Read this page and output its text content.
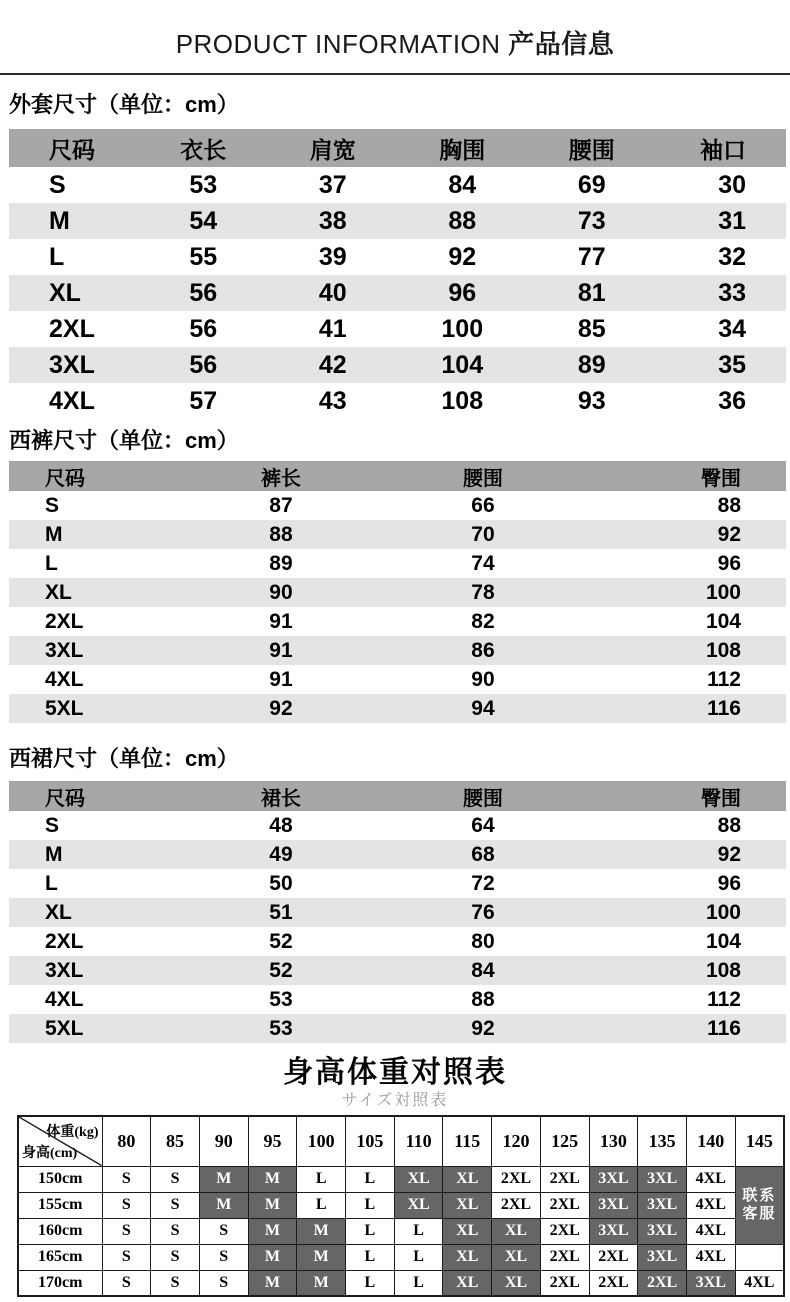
PRODUCT INFORMATION 产品信息
外套尺寸（单位：cm）
尺码	衣长	肩宽	胸围	腰围	袖口
S	53	37	84	69	30
M	54	38	88	73	31
L	55	39	92	77	32
XL	56	40	96	81	33
2XL	56	41	100	85	34
3XL	56	42	104	89	35
4XL	57	43	108	93	36
西裤尺寸（单位：cm）
尺码	裤长	腰围	臀围
S	87	66	88
M	88	70	92
L	89	74	96
XL	90	78	100
2XL	91	82	104
3XL	91	86	108
4XL	91	90	112
5XL	92	94	116
西裙尺寸（单位：cm）
尺码	裙长	腰围	臀围
S	48	64	88
M	49	68	92
L	50	72	96
XL	51	76	100
2XL	52	80	104
3XL	52	84	108
4XL	53	88	112
5XL	53	92	116
身高体重对照表
サイズ対照表
体重(kg)
身高(cm)	80	85	90	95	100	105	110	115	120	125	130	135	140	145
150cm	S	S	M	M	L	L	XL	XL	2XL	2XL	3XL	3XL	4XL	联系
客服
155cm	S	S	M	M	L	L	XL	XL	2XL	2XL	3XL	3XL	4XL	
160cm	S	S	S	M	M	L	L	XL	XL	2XL	3XL	3XL	4XL	
165cm	S	S	S	M	M	L	L	XL	XL	2XL	2XL	3XL	4XL	
170cm	S	S	S	M	M	L	L	XL	XL	2XL	2XL	2XL	3XL	4XL
